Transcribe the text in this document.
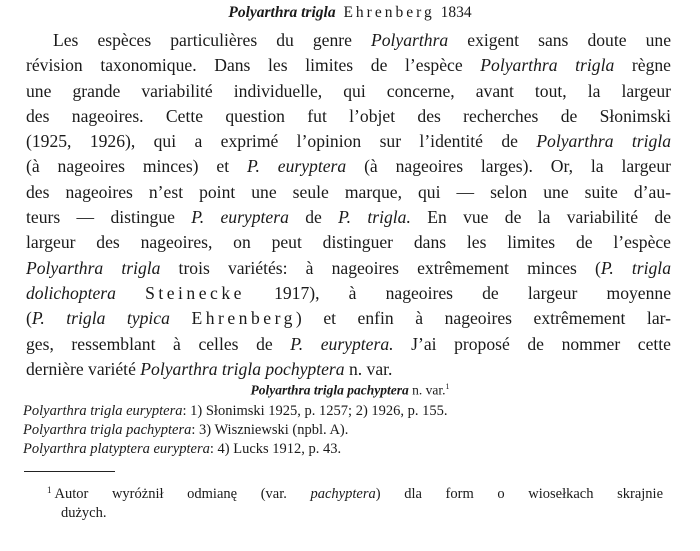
Polyarthra trigla Ehrenberg 1834
Les espèces particulières du genre Polyarthra exigent sans doute une
révision taxonomique. Dans les limites de l’espèce Polyarthra trigla règne
une grande variabilité individuelle, qui concerne, avant tout, la largeur
des nageoires. Cette question fut l’objet des recherches de Słonimski
(1925, 1926), qui a exprimé l’opinion sur l’identité de Polyarthra trigla
(à nageoires minces) et P. euryptera (à nageoires larges). Or, la largeur
des nageoires n’est point une seule marque, qui — selon une suite d’au-
teurs — distingue P. euryptera de P. trigla. En vue de la variabilité de
largeur des nageoires, on peut distinguer dans les limites de l’espèce
Polyarthra trigla trois variétés: à nageoires extrêmement minces (P. trigla
dolichoptera Steinecke 1917), à nageoires de largeur moyenne
(P. trigla typica Ehrenberg) et enfin à nageoires extrêmement lar-
ges, ressemblant à celles de P. euryptera. J’ai proposé de nommer cette
dernière variété Polyarthra trigla pochyptera n. var.
Polyarthra trigla pachyptera n. var.$^1$
Polyarthra trigla euryptera: 1) Słonimski 1925, p. 1257; 2) 1926, p. 155.
Polyarthra trigla pachyptera: 3) Wiszniewski (npbl. A).
Polyarthra platyptera euryptera: 4) Lucks 1912, p. 43.
$^1$ Autor wyróżnił odmianę (var. pachyptera) dla form o wiosełkach skrajnie
dużych.
